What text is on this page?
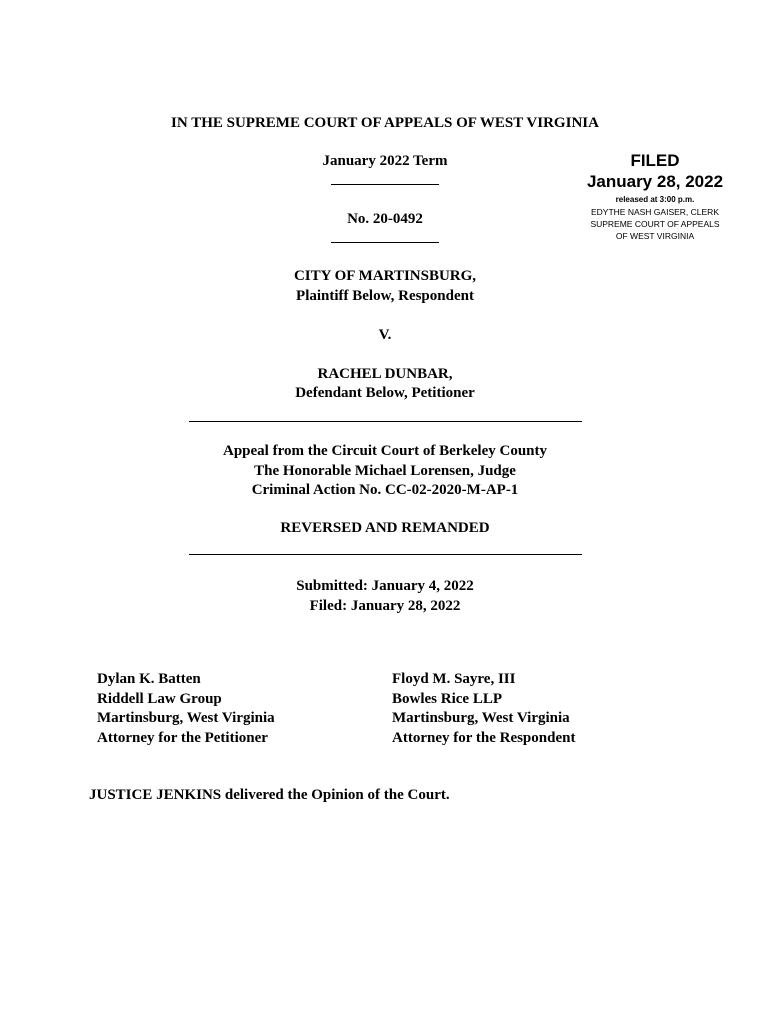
IN THE SUPREME COURT OF APPEALS OF WEST VIRGINIA
January 2022 Term
No. 20-0492
FILED
January 28, 2022
released at 3:00 p.m.
EDYTHE NASH GAISER, CLERK
SUPREME COURT OF APPEALS
OF WEST VIRGINIA
CITY OF MARTINSBURG,
Plaintiff Below, Respondent
V.
RACHEL DUNBAR,
Defendant Below, Petitioner
Appeal from the Circuit Court of Berkeley County
The Honorable Michael Lorensen, Judge
Criminal Action No. CC-02-2020-M-AP-1
REVERSED AND REMANDED
Submitted: January 4, 2022
Filed: January 28, 2022
Dylan K. Batten
Riddell Law Group
Martinsburg, West Virginia
Attorney for the Petitioner
Floyd M. Sayre, III
Bowles Rice LLP
Martinsburg, West Virginia
Attorney for the Respondent
JUSTICE JENKINS delivered the Opinion of the Court.
